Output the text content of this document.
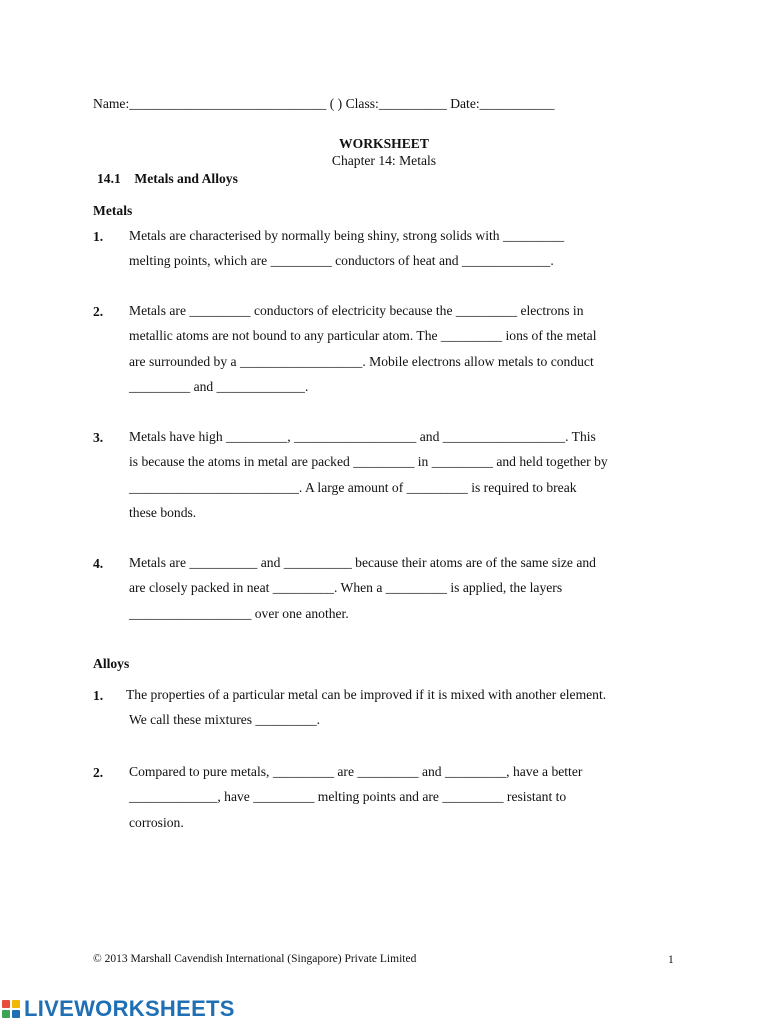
Name:_____________________________ ( ) Class:__________ Date:___________
WORKSHEET
Chapter 14: Metals
14.1    Metals and Alloys
Metals
1. Metals are characterised by normally being shiny, strong solids with _________
melting points, which are _________ conductors of heat and _____________.
2. Metals are _________ conductors of electricity because the _________ electrons in
metallic atoms are not bound to any particular atom. The _________ ions of the metal
are surrounded by a __________________. Mobile electrons allow metals to conduct
_________ and _____________.
3. Metals have high _________, __________________ and __________________. This
is because the atoms in metal are packed _________ in _________ and held together by
_________________________. A large amount of _________ is required to break
these bonds.
4. Metals are __________ and __________ because their atoms are of the same size and
are closely packed in neat _________. When a _________ is applied, the layers
__________________ over one another.
Alloys
1. The properties of a particular metal can be improved if it is mixed with another element.
We call these mixtures _________.
2. Compared to pure metals, _________ are _________ and _________, have a better
_____________, have _________ melting points and are _________ resistant to
corrosion.
© 2013 Marshall Cavendish International (Singapore) Private Limited	1
LIVEWORKSHEETS
